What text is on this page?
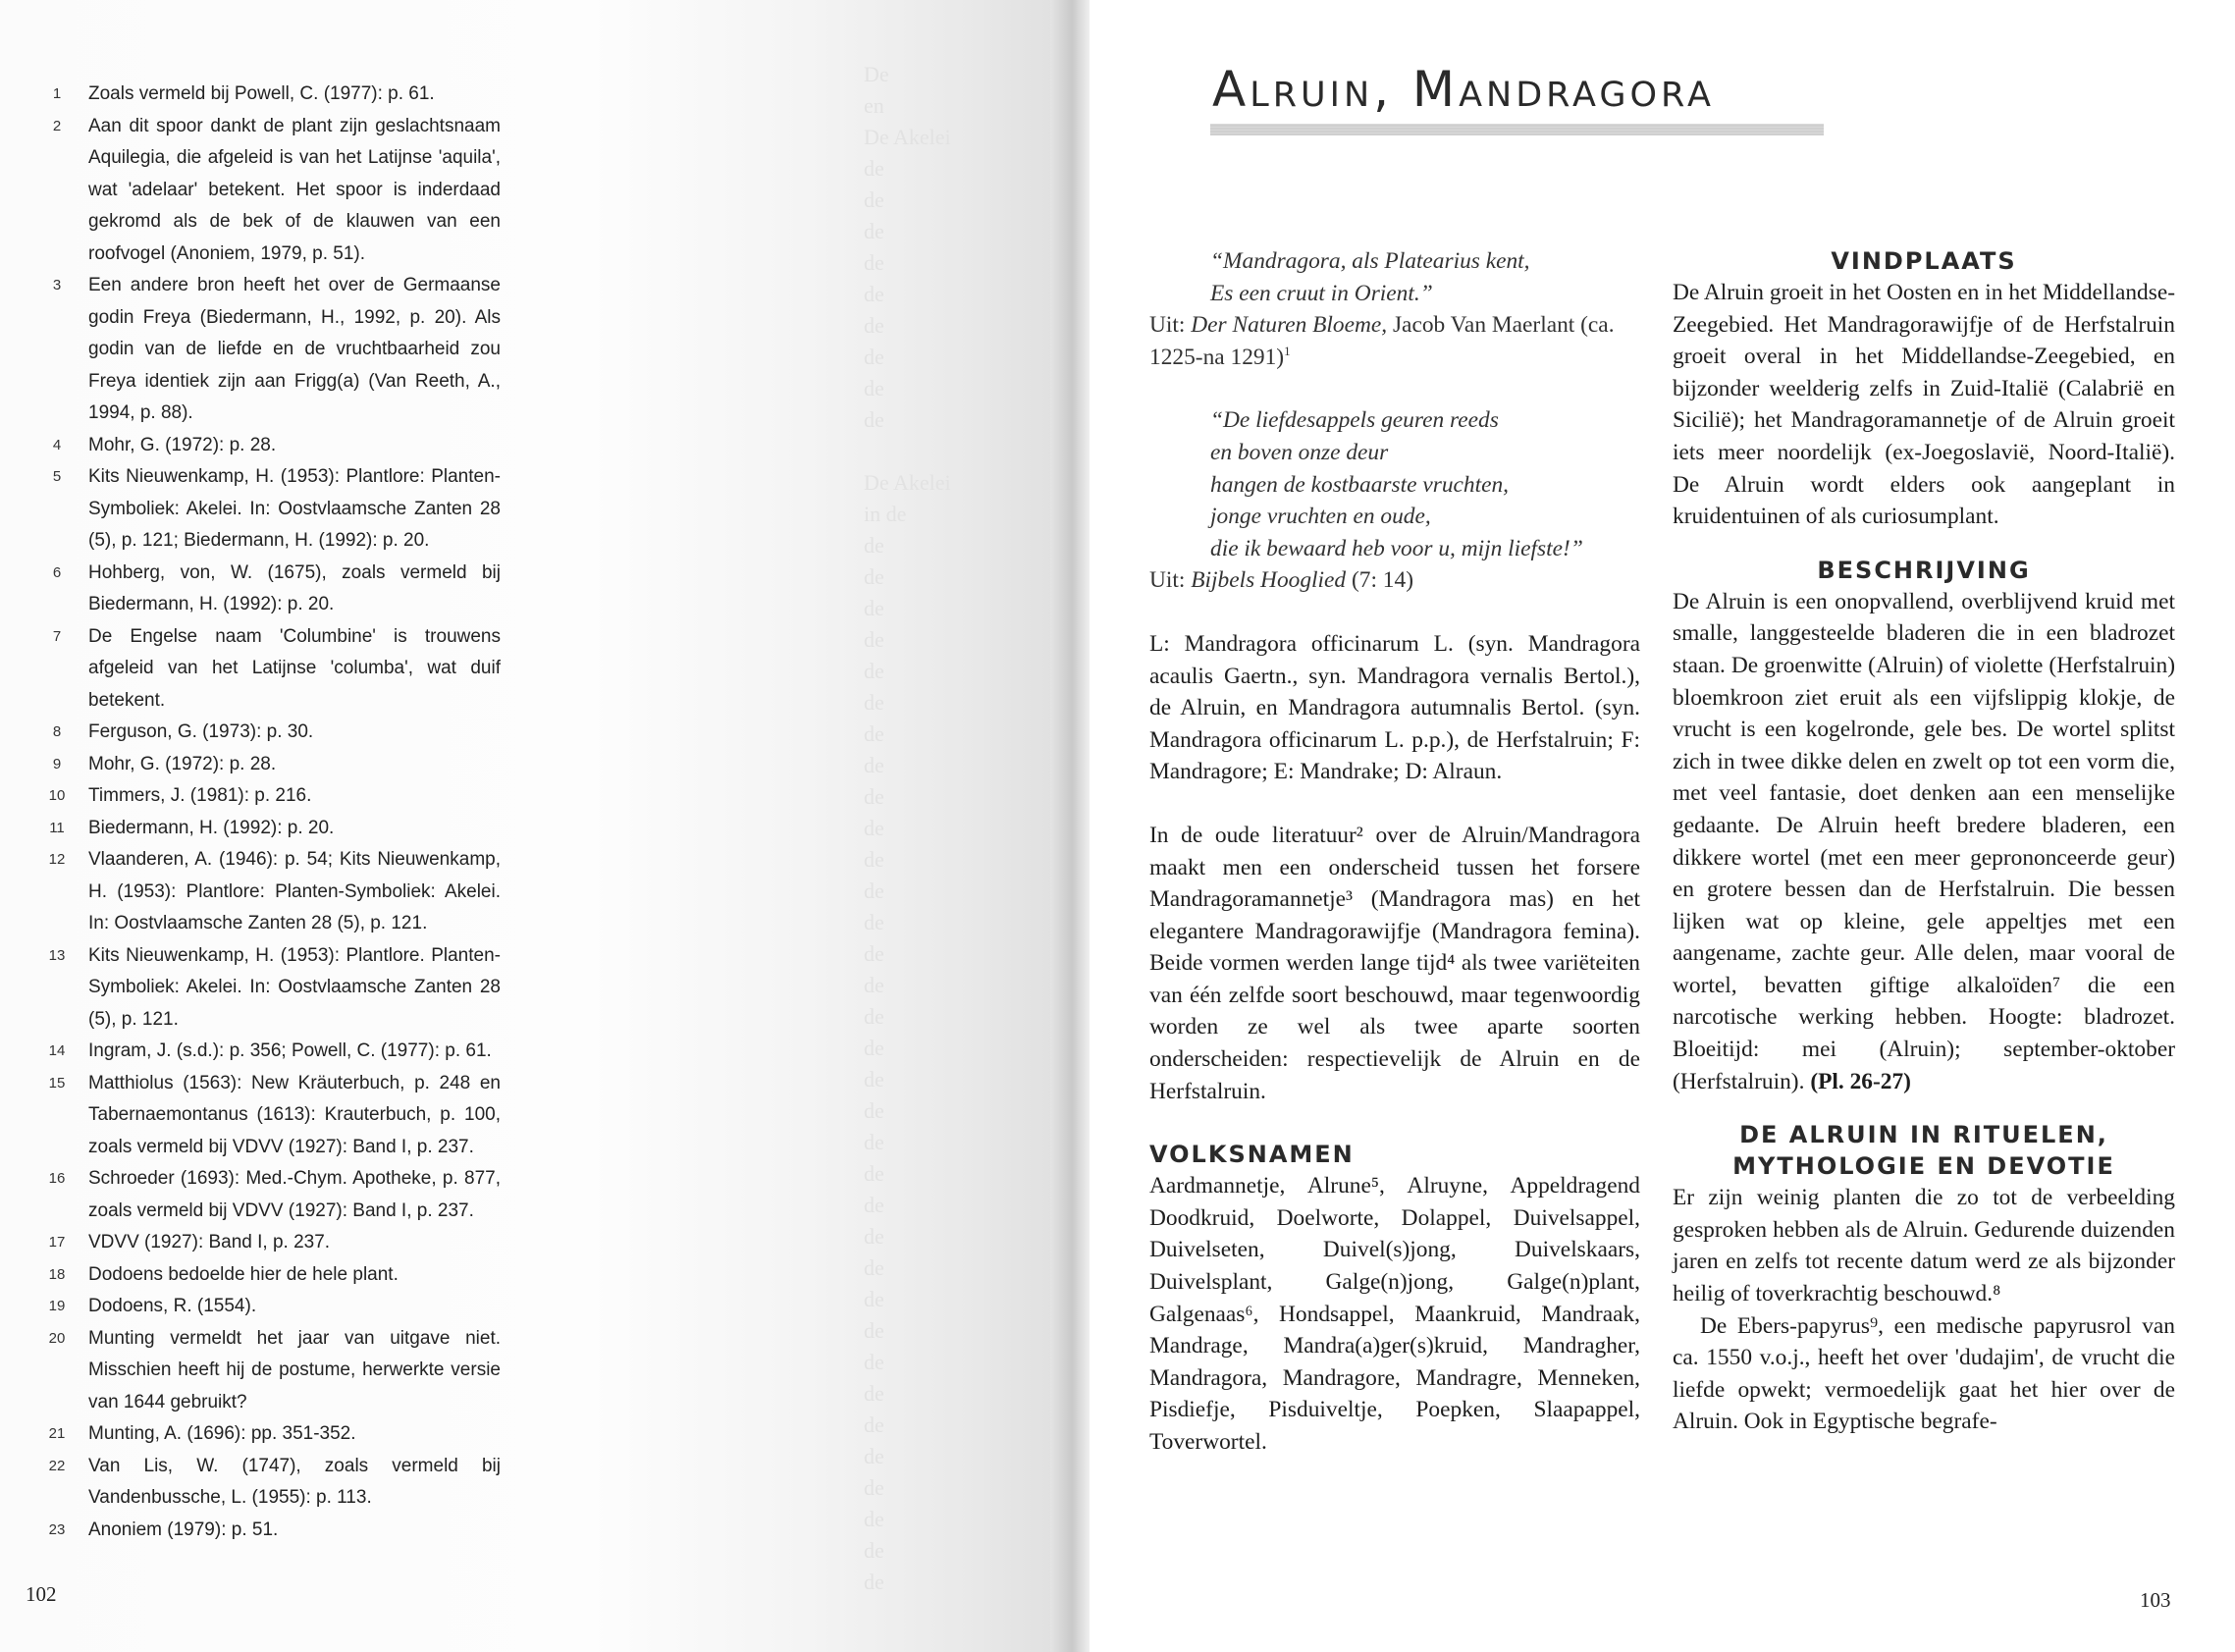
De
en
De Akelei
de
de
de
de
de
de
de
de
de

De Akelei
in de
de
de
de
de
de
de
de
de
de
de
de
de
de
de
de
de
de
de
de
de
de
de
de
de
de
de
de
de
de
de
de
de
de
de
1	Zoals vermeld bij Powell, C. (1977): p. 61.
2	Aan dit spoor dankt de plant zijn geslachtsnaam Aquilegia, die afgeleid is van het Latijnse 'aquila', wat 'adelaar' betekent. Het spoor is inderdaad gekromd als de bek of de klauwen van een roofvogel (Anoniem, 1979, p. 51).
3	Een andere bron heeft het over de Germaanse godin Freya (Biedermann, H., 1992, p. 20). Als godin van de liefde en de vruchtbaarheid zou Freya identiek zijn aan Frigg(a) (Van Reeth, A., 1994, p. 88).
4	Mohr, G. (1972): p. 28.
5	Kits Nieuwenkamp, H. (1953): Plantlore: Planten-Symboliek: Akelei. In: Oostvlaamsche Zanten 28 (5), p. 121; Biedermann, H. (1992): p. 20.
6	Hohberg, von, W. (1675), zoals vermeld bij Biedermann, H. (1992): p. 20.
7	De Engelse naam 'Columbine' is trouwens afgeleid van het Latijnse 'columba', wat duif betekent.
8	Ferguson, G. (1973): p. 30.
9	Mohr, G. (1972): p. 28.
10	Timmers, J. (1981): p. 216.
11	Biedermann, H. (1992): p. 20.
12	Vlaanderen, A. (1946): p. 54; Kits Nieuwenkamp, H. (1953): Plantlore: Planten-Symboliek: Akelei. In: Oostvlaamsche Zanten 28 (5), p. 121.
13	Kits Nieuwenkamp, H. (1953): Plantlore. Planten-Symboliek: Akelei. In: Oostvlaamsche Zanten 28 (5), p. 121.
14	Ingram, J. (s.d.): p. 356; Powell, C. (1977): p. 61.
15	Matthiolus (1563): New Kräuterbuch, p. 248 en Tabernaemontanus (1613): Krauterbuch, p. 100, zoals vermeld bij VDVV (1927): Band I, p. 237.
16	Schroeder (1693): Med.-Chym. Apotheke, p. 877, zoals vermeld bij VDVV (1927): Band I, p. 237.
17	VDVV (1927): Band I, p. 237.
18	Dodoens bedoelde hier de hele plant.
19	Dodoens, R. (1554).
20	Munting vermeldt het jaar van uitgave niet. Misschien heeft hij de postume, herwerkte versie van 1644 gebruikt?
21	Munting, A. (1696): pp. 351-352.
22	Van Lis, W. (1747), zoals vermeld bij Vandenbussche, L. (1955): p. 113.
23	Anoniem (1979): p. 51.
102
Alruin, Mandragora
“Mandragora, als Platearius kent,
Es een cruut in Orient.”
Uit: Der Naturen Bloeme, Jacob Van Maerlant (ca. 1225-na 1291)$^1$
“De liefdesappels geuren reeds
en boven onze deur
hangen de kostbaarste vruchten,
jonge vruchten en oude,
die ik bewaard heb voor u, mijn liefste!”
Uit: Bijbels Hooglied (7: 14)

L: Mandragora officinarum L. (syn. Mandragora acaulis Gaertn., syn. Mandragora vernalis Bertol.), de Alruin, en Mandragora autumnalis Bertol. (syn. Mandragora officinarum L. p.p.), de Herfstalruin; F: Mandragore; E: Mandrake; D: Alraun.

In de oude literatuur² over de Alruin/Mandragora maakt men een onderscheid tussen het forsere Mandragoramannetje³ (Mandragora mas) en het elegantere Mandragorawijfje (Mandragora femina). Beide vormen werden lange tijd⁴ als twee variëteiten van één zelfde soort beschouwd, maar tegenwoordig worden ze wel als twee aparte soorten onderscheiden: respectievelijk de Alruin en de Herfstalruin.

VOLKSNAMEN

Aardmannetje, Alrune⁵, Alruyne, Appeldragend Doodkruid, Doelworte, Dolappel, Duivelsappel, Duivelseten, Duivel(s)jong, Duivelskaars, Duivelsplant, Galge(n)jong, Galge(n)plant, Galgenaas⁶, Hondsappel, Maankruid, Mandraak, Mandrage, Mandra(a)ger(s)kruid, Mandragher, Mandragora, Mandragore, Mandragre, Menneken, Pisdiefje, Pisduiveltje, Poepken, Slaapappel, Toverwortel.

VINDPLAATS

De Alruin groeit in het Oosten en in het Middellandse-Zeegebied. Het Mandragorawijfje of de Herfstalruin groeit overal in het Middellandse-Zeegebied, en bijzonder weelderig zelfs in Zuid-Italië (Calabrië en Sicilië); het Mandragoramannetje of de Alruin groeit iets meer noordelijk (ex-Joegoslavië, Noord-Italië). De Alruin wordt elders ook aangeplant in kruidentuinen of als curiosumplant.

BESCHRIJVING

De Alruin is een onopvallend, overblijvend kruid met smalle, langgesteelde bladeren die in een bladrozet staan. De groenwitte (Alruin) of violette (Herfstalruin) bloemkroon ziet eruit als een vijfslippig klokje, de vrucht is een kogelronde, gele bes. De wortel splitst zich in twee dikke delen en zwelt op tot een vorm die, met veel fantasie, doet denken aan een menselijke gedaante. De Alruin heeft bredere bladeren, een dikkere wortel (met een meer geprononceerde geur) en grotere bessen dan de Herfstalruin. Die bessen lijken wat op kleine, gele appeltjes met een aangename, zachte geur. Alle delen, maar vooral de wortel, bevatten giftige alkaloïden⁷ die een narcotische werking hebben. Hoogte: bladrozet. Bloeitijd: mei (Alruin); september-oktober (Herfstalruin). (Pl. 26-27)

DE ALRUIN IN RITUELEN,
MYTHOLOGIE EN DEVOTIE

Er zijn weinig planten die zo tot de verbeelding gesproken hebben als de Alruin. Gedurende duizenden jaren en zelfs tot recente datum werd ze als bijzonder heilig of toverkrachtig beschouwd.⁸

De Ebers-papyrus⁹, een medische papyrusrol van ca. 1550 v.o.j., heeft het over 'dudajim', de vrucht die liefde opwekt; vermoedelijk gaat het hier over de Alruin. Ook in Egyptische begrafe-

103
